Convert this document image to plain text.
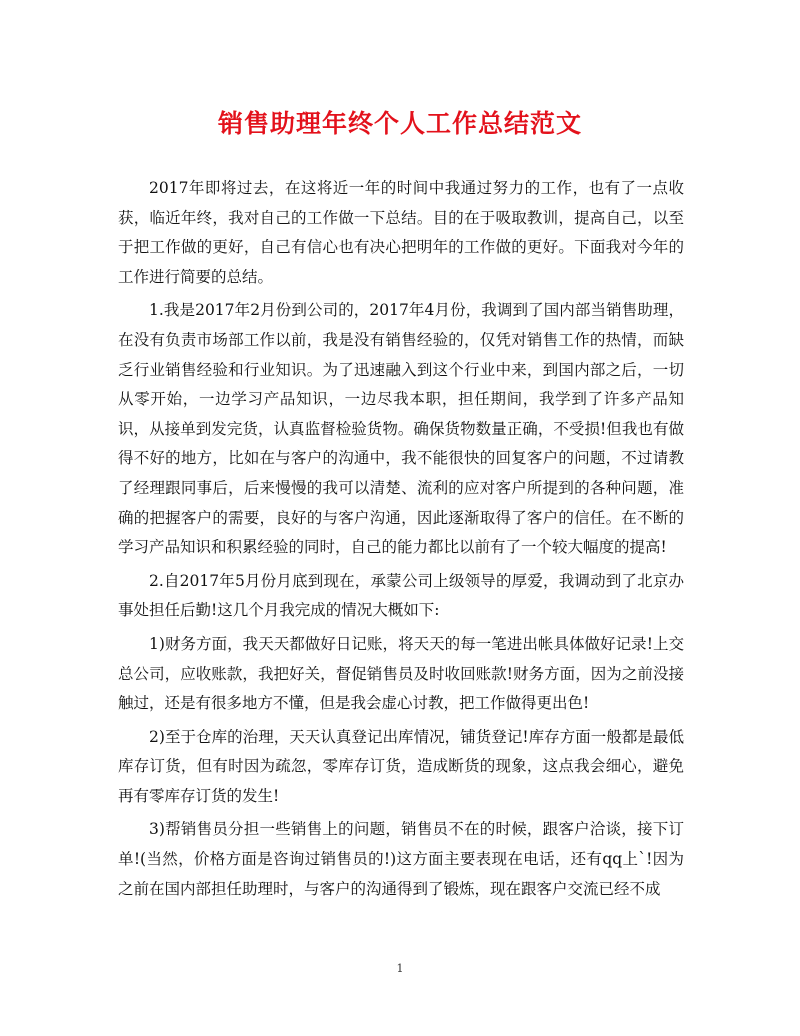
销售助理年终个人工作总结范文

2017年即将过去，在这将近一年的时间中我通过努力的工作，也有了一点收获，临近年终，我对自己的工作做一下总结。目的在于吸取教训，提高自己，以至于把工作做的更好，自己有信心也有决心把明年的工作做的更好。下面我对今年的工作进行简要的总结。

1.我是2017年2月份到公司的，2017年4月份，我调到了国内部当销售助理，在没有负责市场部工作以前，我是没有销售经验的，仅凭对销售工作的热情，而缺乏行业销售经验和行业知识。为了迅速融入到这个行业中来，到国内部之后，一切从零开始，一边学习产品知识，一边尽我本职，担任期间，我学到了许多产品知识，从接单到发完货，认真监督检验货物。确保货物数量正确，不受损!但我也有做得不好的地方，比如在与客户的沟通中，我不能很快的回复客户的问题，不过请教了经理跟同事后，后来慢慢的我可以清楚、流利的应对客户所提到的各种问题，准确的把握客户的需要，良好的与客户沟通，因此逐渐取得了客户的信任。在不断的学习产品知识和积累经验的同时，自己的能力都比以前有了一个较大幅度的提高!

2.自2017年5月份月底到现在，承蒙公司上级领导的厚爱，我调动到了北京办事处担任后勤!这几个月我完成的情况大概如下:

1)财务方面，我天天都做好日记账，将天天的每一笔进出帐具体做好记录!上交总公司，应收账款，我把好关，督促销售员及时收回账款!财务方面，因为之前没接触过，还是有很多地方不懂，但是我会虚心讨教，把工作做得更出色!

2)至于仓库的治理，天天认真登记出库情况，铺货登记!库存方面一般都是最低库存订货，但有时因为疏忽，零库存订货，造成断货的现象，这点我会细心，避免再有零库存订货的发生!

3)帮销售员分担一些销售上的问题，销售员不在的时候，跟客户洽谈，接下订单!(当然，价格方面是咨询过销售员的!)这方面主要表现在电话，还有qq上`!因为之前在国内部担任助理时，与客户的沟通得到了锻炼，现在跟客户交流已经不成

1
